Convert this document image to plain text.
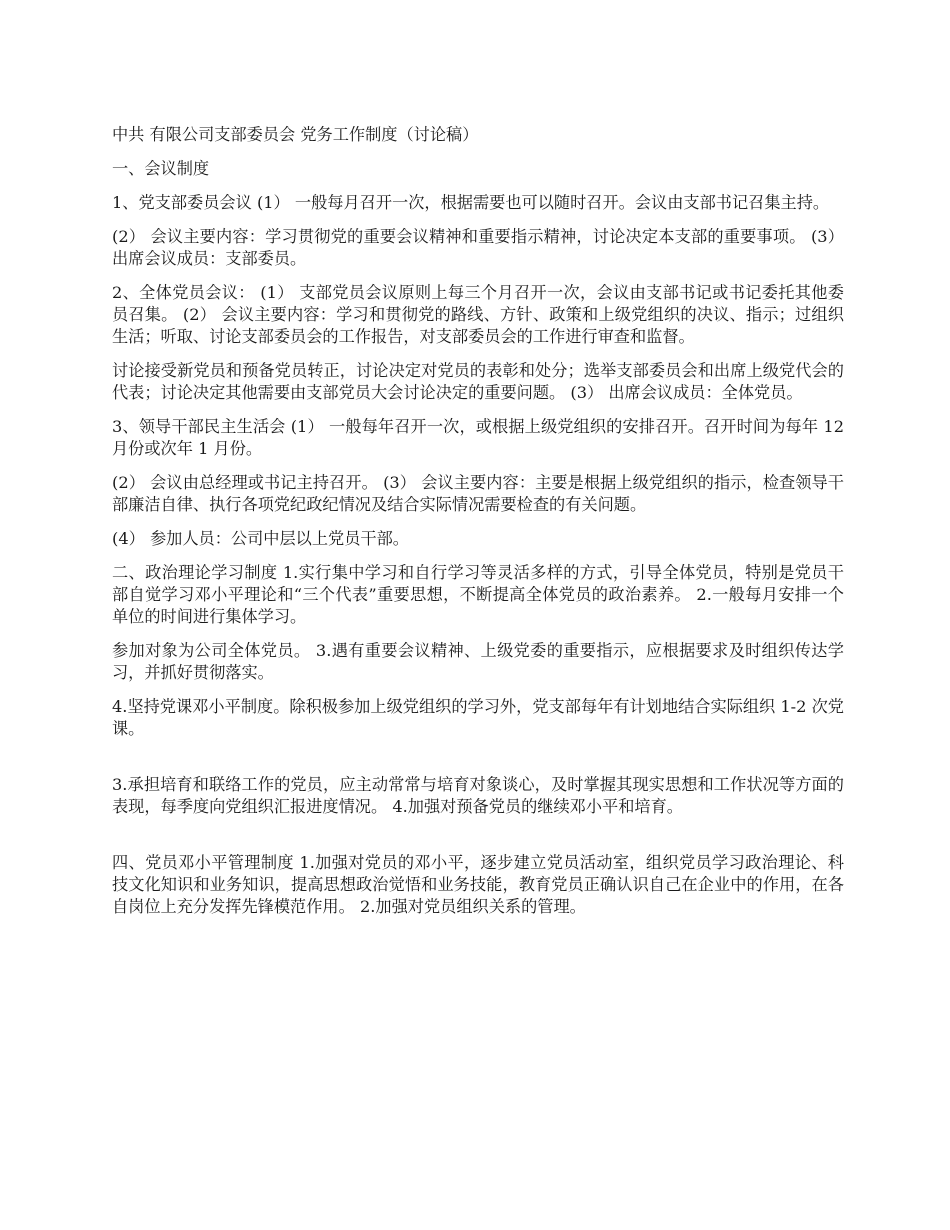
中共 有限公司支部委员会 党务工作制度（讨论稿）

一、会议制度

1、党支部委员会议 (1） 一般每月召开一次，根据需要也可以随时召开。会议由支部书记召集主持。

(2） 会议主要内容：学习贯彻党的重要会议精神和重要指示精神，讨论决定本支部的重要事项。 (3） 出席会议成员：支部委员。

2、全体党员会议： (1） 支部党员会议原则上每三个月召开一次，会议由支部书记或书记委托其他委员召集。 (2） 会议主要内容：学习和贯彻党的路线、方针、政策和上级党组织的决议、指示；过组织生活；听取、讨论支部委员会的工作报告，对支部委员会的工作进行审查和监督。

讨论接受新党员和预备党员转正，讨论决定对党员的表彰和处分；选举支部委员会和出席上级党代会的代表；讨论决定其他需要由支部党员大会讨论决定的重要问题。 (3） 出席会议成员：全体党员。

3、领导干部民主生活会 (1） 一般每年召开一次，或根据上级党组织的安排召开。召开时间为每年 12 月份或次年 1 月份。

(2） 会议由总经理或书记主持召开。 (3） 会议主要内容：主要是根据上级党组织的指示，检查领导干部廉洁自律、执行各项党纪政纪情况及结合实际情况需要检查的有关问题。

(4） 参加人员：公司中层以上党员干部。

二、政治理论学习制度 1.实行集中学习和自行学习等灵活多样的方式，引导全体党员，特别是党员干部自觉学习邓小平理论和“三个代表”重要思想，不断提高全体党员的政治素养。 2.一般每月安排一个单位的时间进行集体学习。

参加对象为公司全体党员。 3.遇有重要会议精神、上级党委的重要指示，应根据要求及时组织传达学习，并抓好贯彻落实。

4.坚持党课邓小平制度。除积极参加上级党组织的学习外，党支部每年有计划地结合实际组织 1-2 次党课。

3.承担培育和联络工作的党员，应主动常常与培育对象谈心，及时掌握其现实思想和工作状况等方面的表现，每季度向党组织汇报进度情况。 4.加强对预备党员的继续邓小平和培育。

四、党员邓小平管理制度 1.加强对党员的邓小平，逐步建立党员活动室，组织党员学习政治理论、科技文化知识和业务知识，提高思想政治觉悟和业务技能，教育党员正确认识自己在企业中的作用，在各自岗位上充分发挥先锋模范作用。 2.加强对党员组织关系的管理。
